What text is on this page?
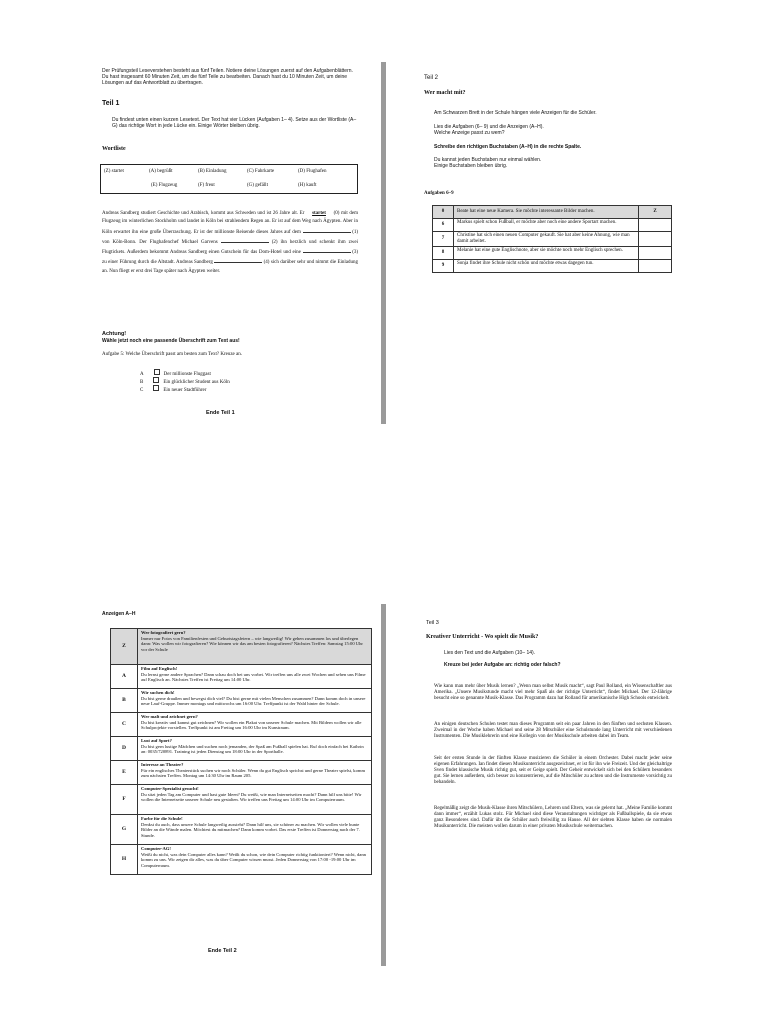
Der Prüfungsteil Leseverstehen besteht aus fünf Teilen. Notiere deine Lösungen zuerst auf den Aufgabenblättern. Du hast insgesamt 60 Minuten Zeit, um die fünf Teile zu bearbeiten. Danach hast du 10 Minuten Zeit, um deine Lösungen auf das Antwortblatt zu übertragen.
Teil 1
Du findest unten einen kurzen Lesetext. Der Text hat vier Lücken (Aufgaben 1– 4). Setze aus der Wortliste (A–G) das richtige Wort in jede Lücke ein. Einige Wörter bleiben übrig.
Wortliste
(Z) startet	(A) begrüßt	(B) Einladung	(C) Fahrkarte	(D) Flughafen
(E) Flugzeug	(F) freut	(G) gefällt	(H) kauft
Andreas Sandberg studiert Geschichte und Arabisch, kommt aus Schweden und ist 26 Jahre alt. Er startet (0) mit dem Flugzeug im winterlichen Stockholm und landet in Köln bei strahlendem Regen an. Er ist auf dem Weg nach Ägypten. Aber in Köln erwartet ihn eine große Überraschung. Er ist der millionste Reisende dieses Jahres auf dem	(1) von Köln-Bonn. Der Flughafenchef Michael Garvens	(2) ihn herzlich und schenkt ihm zwei Flugtickets. Außerdem bekommt Andreas Sandberg einen Gutschein für das Dom-Hotel und eine	(3) zu einer Führung durch die Altstadt. Andreas Sandberg	(4) sich darüber sehr und nimmt die Einladung an. Nun fliegt er erst drei Tage später nach Ägypten weiter.
Achtung!
Wähle jetzt noch eine passende Überschrift zum Text aus!
Aufgabe 5: Welche Überschrift passt am besten zum Text? Kreuze an.
A	Der millionste Fluggast
B	Ein glücklicher Student aus Köln
C	Ein neuer Stadtführer
Ende Teil 1
Teil 2
Wer macht mit?
Am Schwarzen Brett in der Schule hängen viele Anzeigen für die Schüler.
Lies die Aufgaben (6– 9) und die Anzeigen (A–H).
Welche Anzeige passt zu wem?
Schreibe den richtigen Buchstaben (A–H) in die rechte Spalte.
Du kannst jeden Buchstaben nur einmal wählen.
Einige Buchstaben bleiben übrig.
Aufgaben 6–9
0	Beate hat eine neue Kamera. Sie möchte interessante Bilder machen.	Z
6	Markus spielt schon Fußball, er möchte aber noch eine andere Sportart machen.	
7	Christine hat sich einen neuen Computer gekauft. Sie hat aber keine Ahnung, wie man damit arbeitet.	
8	Melanie hat eine gute Englischnote, aber sie möchte noch mehr Englisch sprechen.	
9	Sonja findet ihre Schule nicht schön und möchte etwas dagegen tun.	
Anzeigen A–H
Z	Wer fotografiert gern?
Immer nur Fotos von Familienfesten und Geburtstagsfeiern – wie langweilig! Wir gehen zusammen los und überlegen dann: Was wollen wir fotografieren? Wie können wir das am besten fotografieren? Nächstes Treffen: Samstag 15:00 Uhr vor der Schule

A	Film auf Englisch!
Du lernst gerne andere Sprachen? Dann schau doch bei uns vorbei. Wir treffen uns alle zwei Wochen und sehen uns Filme auf Englisch an. Nächstes Treffen ist Freitag um 14:00 Uhr.

B	Wir suchen dich!
Du bist gerne draußen und bewegst dich viel? Du bist gerne mit vielen Menschen zusammen? Dann komm doch in unsere neue Lauf-Gruppe. Immer montags und mittwochs um 16:00 Uhr. Treffpunkt ist der Wald hinter der Schule.

C	Wer malt und zeichnet gern?
Du bist kreativ und kannst gut zeichnen? Wir wollen ein Plakat von unserer Schule machen. Mit Bildern wollen wir alle Schulprojekte vorstellen. Treffpunkt ist am Freitag um 16:00 Uhr im Kunstraum.

D	Lust auf Sport?
Du bist gern lustige Mädchen und suchen noch jemanden, der Spaß am Fußball spielen hat. Ruf doch einfach bei Kathrin an: 0035/720891. Training ist jeden Dienstag um 18:00 Uhr in der Sporthalle.

E	Interesse an Theater?
Für ein englisches Theaterstück suchen wir noch Schüler. Wenn du gut Englisch sprichst und gerne Theater spielst, komm zum nächsten Treffen. Montag um 14:30 Uhr im Raum 205.

F	Computer-Spezialist gesucht!
Du sitzt jeden Tag am Computer und hast gute Ideen? Du weißt, wie man Internetseiten macht? Dann hilf uns bitte! Wir wollen die Internetseite unserer Schule neu gestalten. Wir treffen uns Freitag um 14:00 Uhr im Computerraum.

G	Farbe für die Schule!
Denkst du auch, dass unsere Schule langweilig aussieht? Dann hilf uns, sie schöner zu machen. Wir wollen viele bunte Bilder an die Wände malen. Möchtest du mitmachen? Dann komm vorbei. Das erste Treffen ist Donnerstag nach der 7. Stunde.

H	Computer-AG!
Weißt du nicht, was dein Computer alles kann? Weißt du schon, wie dein Computer richtig funktioniert? Wenn nicht, dann komm zu uns. Wir zeigen dir alles, was du über Computer wissen musst. Jeden Donnerstag von 17:00 -19:00 Uhr im Computerraum.
Ende Teil 2
Teil 3
Kreativer Unterricht - Wo spielt die Musik?
Lies den Text und die Aufgaben (10– 14).
Kreuze bei jeder Aufgabe an: richtig oder falsch?
Wie kann man mehr über Musik lernen? „Wenn man selbst Musik macht“, sagt Paul Rolland, ein Wissenschaftler aus Amerika. „Unsere Musikstunde macht viel mehr Spaß als der richtige Unterricht“, findet Michael. Der 12-Jährige besucht eine so genannte Musik-Klasse. Das Programm dazu hat Rolland für amerikanische High Schools entwickelt.
An einigen deutschen Schulen testet man dieses Programm seit ein paar Jahren in den fünften und sechsten Klassen. Zweimal in der Woche haben Michael und seine 28 Mitschüler eine Schulstunde lang Unterricht mit verschiedenen Instrumenten. Die Musiklehrerin und eine Kollegin von der Musikschule arbeiten dabei im Team.
Seit der ersten Stunde in der fünften Klasse musizieren die Schüler in einem Orchester. Dabei macht jeder seine eigenen Erfahrungen. Ian findet diesen Musikunterricht ausgezeichnet, er ist für ihn wie Freizeit. Und der gleichaltrige Sven findet klassische Musik richtig gut, seit er Geige spielt. Der Geheir entwickelt sich bei den Schülern besonders gut. Sie lernen außerdem, sich besser zu konzentrieren, auf die Mitschüler zu achten und die Instrumente vorsichtig zu behandeln.
Regelmäßig zeigt die Musik-Klasse ihren Mitschülern, Lehrern und Eltern, was sie gelernt hat. „Meine Familie kommt dann immer“, erzählt Lukas stolz. Für Michael sind diese Veranstaltungen wichtiger als Fußballspiele, da sie etwas ganz Besonderes sind. Dafür übt die Schüler auch freiwillig zu Hause. All der siebten Klasse haben sie normalen Musikunterricht. Die meisten wollen darum in einer privaten Musikschule weitermachen.
